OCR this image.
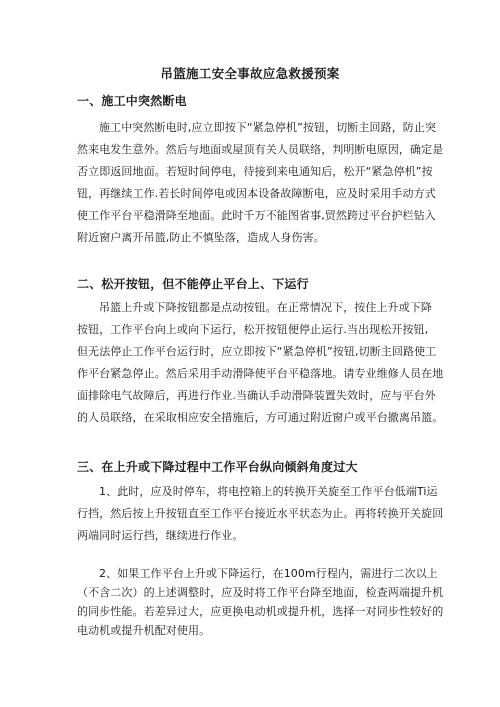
吊篮施工安全事故应急救援预案
一、施工中突然断电
施工中突然断电时,应立即按下“紧急停机”按钮，切断主回路，防止突
然来电发生意外。然后与地面或屋顶有关人员联络，判明断电原因，确定是
否立即返回地面。若短时间停电，待接到来电通知后，松开“紧急停机”按
钮，再继续工作.若长时间停电或因本设备故障断电，应及时采用手动方式
使工作平台平稳滑降至地面。此时千万不能图省事,贸然跨过平台护栏钻入
附近窗户离开吊篮,防止不慎坠落，造成人身伤害。
二、松开按钮，但不能停止平台上、下运行
吊篮上升或下降按钮都是点动按钮。在正常情况下，按住上升或下降
按钮，工作平台向上或向下运行，松开按钮便停止运行.当出现松开按钮,
但无法停止工作平台运行时，应立即按下“紧急停机”按钮,切断主回路使工
作平台紧急停止。然后采用手动滑降使平台平稳落地。请专业维修人员在地
面排除电气故障后，再进行作业.当确认手动滑降装置失效时，应与平台外
的人员联络，在采取相应安全措施后，方可通过附近窗户或平台撤离吊篮。
三、在上升或下降过程中工作平台纵向倾斜角度过大
1、此时，应及时停车，将电控箱上的转换开关旋至工作平台低端Ti运
行挡，然后按上升按钮直至工作平台接近水平状态为止。再将转换开关旋回
两端同时运行挡，继续进行作业。
2、如果工作平台上升或下降运行，在100m行程内，需进行二次以上
（不含二次）的上述调整时，应及时将工作平台降至地面，检查两端提升机
的同步性能。若差异过大，应更换电动机或提升机，选择一对同步性较好的
电动机或提升机配对使用。
